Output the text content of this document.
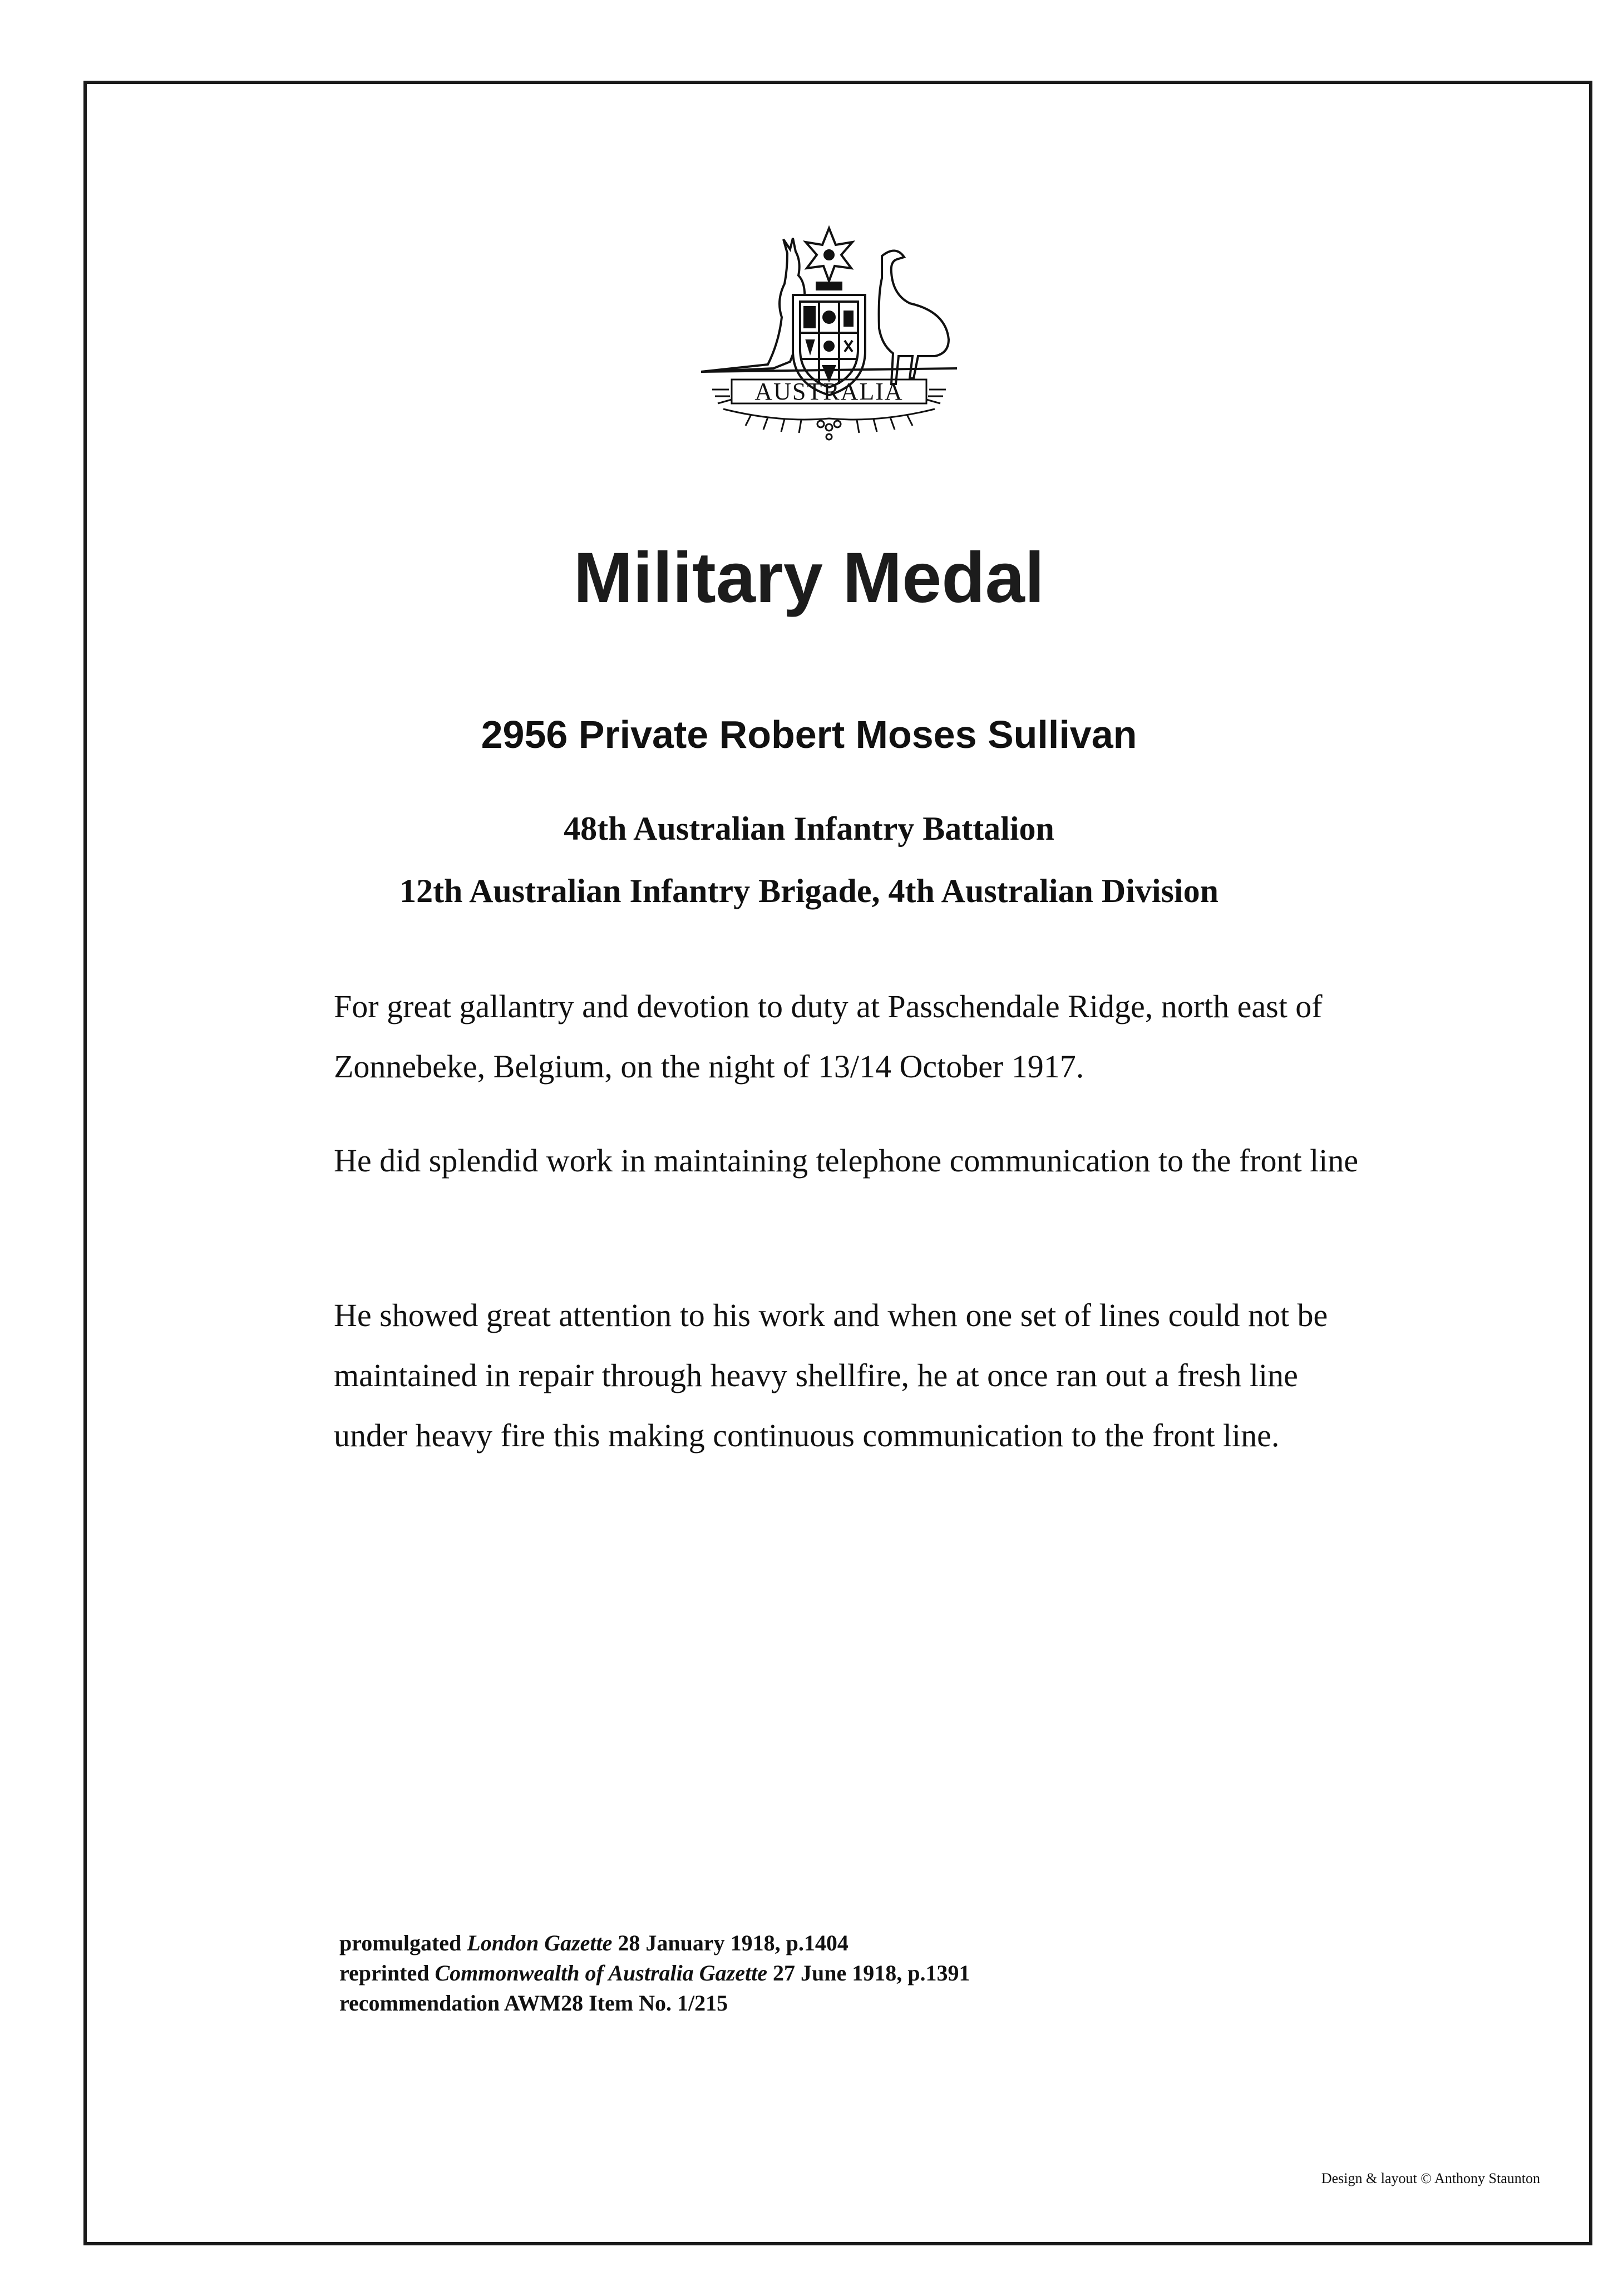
AUSTRALIA
Military Medal
2956 Private Robert Moses Sullivan

48th Australian Infantry Battalion

12th Australian Infantry Brigade, 4th Australian Division

For great gallantry and devotion to duty at Passchendale Ridge, north east of Zonnebeke, Belgium, on the night of 13/14 October 1917.

He did splendid work in maintaining telephone communication to the front line

He showed great attention to his work and when one set of lines could not be maintained in repair through heavy shellfire, he at once ran out a fresh line under heavy fire this making continuous communication to the front line.

promulgated London Gazette 28 January 1918, p.1404
reprinted Commonwealth of Australia Gazette 27 June 1918, p.1391
recommendation AWM28 Item No. 1/215
Design & layout © Anthony Staunton
